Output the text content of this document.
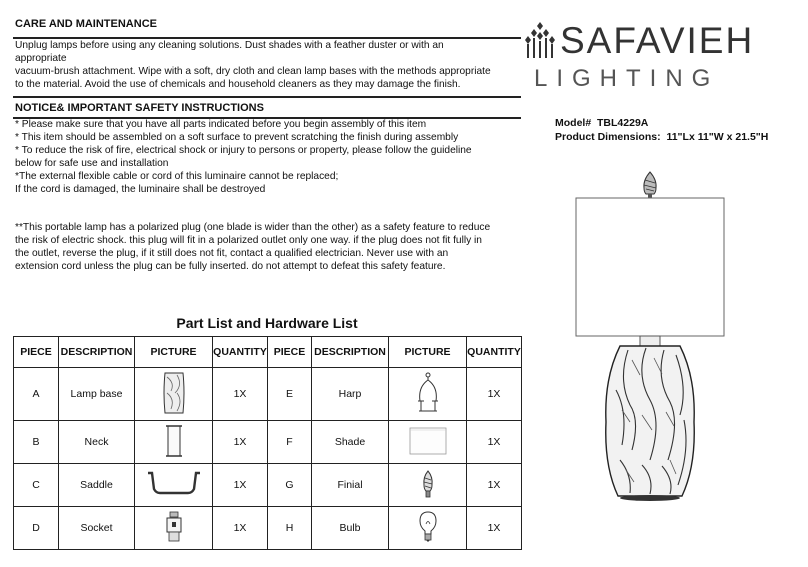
CARE AND MAINTENANCE
Unplug lamps before using any cleaning solutions. Dust shades with a feather duster or with an
appropriate
vacuum-brush attachment. Wipe with a soft, dry cloth and clean lamp bases with the methods appropriate
to the material. Avoid the use of chemicals and household cleaners as they may damage the finish.
NOTICE& IMPORTANT SAFETY INSTRUCTIONS
* Please make sure that you have all parts indicated before you begin assembly of this item
* This item should be assembled on a soft surface to prevent scratching the finish during assembly
* To reduce the risk of fire, electrical shock or injury to persons or property, please follow the guideline
below for safe use and installation
*The external flexible cable or cord of this luminaire cannot be replaced;
If the cord is damaged, the luminaire shall be destroyed
**This portable lamp has a polarized plug (one blade is wider than the other) as a safety feature to reduce
the risk of electric shock. this plug will fit in a polarized outlet only one way. if the plug does not fit fully in
the outlet, reverse the plug, if it still does not fit, contact a qualified electrician. Never use with an
extension cord unless the plug can be fully inserted. do not attempt to defeat this safety feature.
Part List and Hardware List
PIECE	DESCRIPTION	PICTURE	QUANTITY	PIECE	DESCRIPTION	PICTURE	QUANTITY
A	Lamp base		1X	E	Harp		1X
B	Neck		1X	F	Shade		1X
C	Saddle		1X	G	Finial		1X
D	Socket		1X	H	Bulb		1X
SAFAVIEH
LIGHTING
Model# TBL4229A
Product Dimensions: 11"Lx 11"W x 21.5"H
